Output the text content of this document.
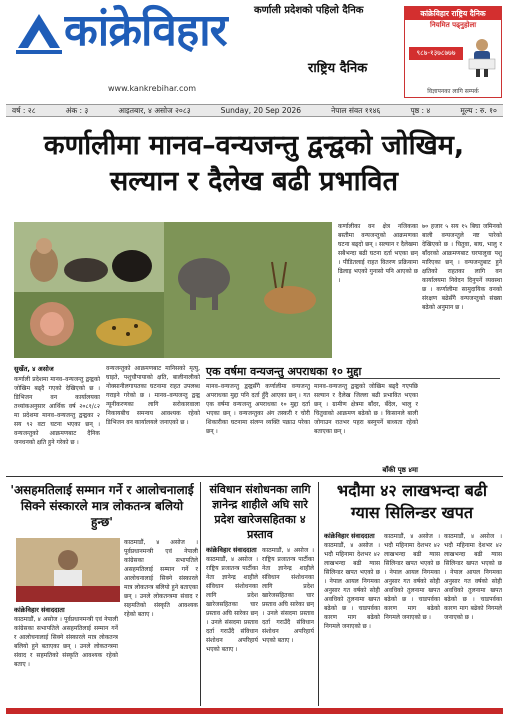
कर्णाली प्रदेशको पहिलो दैनिक
कांक्रेविहार
राष्ट्रिय दैनिक
www.kankrebihar.com
कांक्रेविहार राष्ट्रिय दैनिक
नियमित पढ्नुहोला
९८७-१३७८७७७
विज्ञापनका लागि सम्पर्क
वर्ष : २८	अंक : ३	आइतबार, ४ असोज २०८३	Sunday, 20 Sep 2026	नेपाल संवत ११४६	पृष्ठ : ४	मूल्य : रु. १०
कर्णालीमा मानव–वन्यजन्तु द्वन्द्वको जोखिम,
सल्यान र दैलेख बढी प्रभावित
कर्णालीका वन क्षेत्र नजिकका बस्तीमा वन्यजन्तुको आक्रमणका घटना बढ्दो छन् । सल्यान र दैलेखमा सबैभन्दा बढी घटना दर्ता भएका छन् । पीडितलाई राहत वितरण प्रक्रियामा ढिलाइ भएको गुनासो पनि आएको छ ।
७० हजार ५ सय १५ बिघा जमिनको बाली वन्यजन्तुले नष्ट पारेको देखिएको छ । चितुवा, बाघ, भालु र बाँदरको आक्रमणबाट घरपालुवा पशु मारिएका छन् । वन्यजन्तुबाट हुने क्षतिको राहतका लागि वन कार्यालयमा निवेदन दिनुपर्ने व्यवस्था छ । कर्णालीमा सामुदायिक वनको संरक्षण बढेसँगै वन्यजन्तुको संख्या बढेको अनुमान छ ।
सुर्खेत, ४ असोज
कर्णाली प्रदेशमा मानव–वन्यजन्तु द्वन्द्वको जोखिम बढ्दै गएको देखिएको छ । डिभिजन वन कार्यालयका तथ्यांकअनुसार आर्थिक वर्ष २०८१/८२ मा प्रदेशमा मानव–वन्यजन्तु द्वन्द्वका २ सय ९२ वटा घटना भएका छन् । वन्यजन्तुको आक्रमणबाट दैनिक जनधनको क्षति हुने गरेको छ ।
वन्यजन्तुको आक्रमणबाट मानिसको मृत्यु, घाइते, पशुचौपायाको क्षति, बालीनालीको नोक्सानीलगायतका घटनामा राहत उपलब्ध गराइने गरेको छ । मानव–वन्यजन्तु द्वन्द्व न्यूनीकरणका लागि सरोकारवाला निकायबीच समन्वय आवश्यक रहेको डिभिजन वन कार्यालयले जनाएको छ ।
एक वर्षमा वन्यजन्तु अपराधका १० मुद्दा
मानव–वन्यजन्तु द्वन्द्वसँगै कर्णालीमा वन्यजन्तु अपराधका मुद्दा पनि दर्ता हुँदै आएका छन् । गत एक वर्षमा वन्यजन्तु अपराधका १० मुद्दा दर्ता भएका छन् । वन्यजन्तुका अंग तस्करी र चोरी शिकारीका घटनामा संलग्न व्यक्ति पक्राउ परेका छन् ।
मानव–वन्यजन्तु द्वन्द्वको जोखिम बढ्दै गएपछि सल्यान र दैलेख जिल्ला बढी प्रभावित भएका छन् । ग्रामीण क्षेत्रमा बाँदर, बँदेल, भालु र चितुवाको आक्रमण बढेको छ । किसानले बाली जोगाउन रातभर पहरा बस्नुपर्ने बाध्यता रहेको बताएका छन् ।
बाँकी पृष्ठ ४मा
'असहमतिलाई सम्मान गर्ने र आलोचनालाई सिक्ने संस्कारले मात्र लोकतन्त्र बलियो हुन्छ'
काठमाडौं, ४ असोज । पूर्वप्रधानमन्त्री एवं नेपाली कांग्रेसका सभापतिले असहमतिलाई सम्मान गर्ने र आलोचनालाई सिक्ने संस्कारले मात्र लोकतन्त्र बलियो हुने बताएका छन् । उनले लोकतन्त्रमा संवाद र सहमतिको संस्कृति आवश्यक रहेको बताए ।
कांक्रेविहार संवाददाता
काठमाडौं, ४ असोज । पूर्वप्रधानमन्त्री एवं नेपाली कांग्रेसका सभापतिले असहमतिलाई सम्मान गर्ने र आलोचनालाई सिक्ने संस्कारले मात्र लोकतन्त्र बलियो हुने बताएका छन् । उनले लोकतन्त्रमा संवाद र सहमतिको संस्कृति आवश्यक रहेको बताए ।
संविधान संशोधनका लागि ज्ञानेन्द्र शाहीले अघि सारे प्रदेश खारेजसहितका ४ प्रस्ताव
कांक्रेविहार संवाददाता
काठमाडौं, ४ असोज । राष्ट्रिय प्रजातन्त्र पार्टीका नेता ज्ञानेन्द्र शाहीले संविधान संशोधनका लागि प्रदेश खारेजसहितका चार प्रस्ताव अघि सारेका छन् । उनले संसदमा प्रस्ताव दर्ता गराउँदै संविधान संशोधन अपरिहार्य भएको बताए ।
काठमाडौं, ४ असोज । राष्ट्रिय प्रजातन्त्र पार्टीका नेता ज्ञानेन्द्र शाहीले संविधान संशोधनका लागि प्रदेश खारेजसहितका चार प्रस्ताव अघि सारेका छन् । उनले संसदमा प्रस्ताव दर्ता गराउँदै संविधान संशोधन अपरिहार्य भएको बताए ।
भदौमा ४२ लाखभन्दा बढी ग्यास सिलिन्डर खपत
कांक्रेविहार संवाददाता
काठमाडौं, ४ असोज । भदौ महिनामा देशभर ४२ लाखभन्दा बढी ग्यास सिलिन्डर खपत भएको छ । नेपाल आयल निगमका अनुसार गत वर्षको सोही अवधिको तुलनामा खपत बढेको छ । चाडपर्वका कारण माग बढेको निगमले जनाएको छ ।
काठमाडौं, ४ असोज । भदौ महिनामा देशभर ४२ लाखभन्दा बढी ग्यास सिलिन्डर खपत भएको छ । नेपाल आयल निगमका अनुसार गत वर्षको सोही अवधिको तुलनामा खपत बढेको छ । चाडपर्वका कारण माग बढेको निगमले जनाएको छ ।
काठमाडौं, ४ असोज । भदौ महिनामा देशभर ४२ लाखभन्दा बढी ग्यास सिलिन्डर खपत भएको छ । नेपाल आयल निगमका अनुसार गत वर्षको सोही अवधिको तुलनामा खपत बढेको छ । चाडपर्वका कारण माग बढेको निगमले जनाएको छ ।
